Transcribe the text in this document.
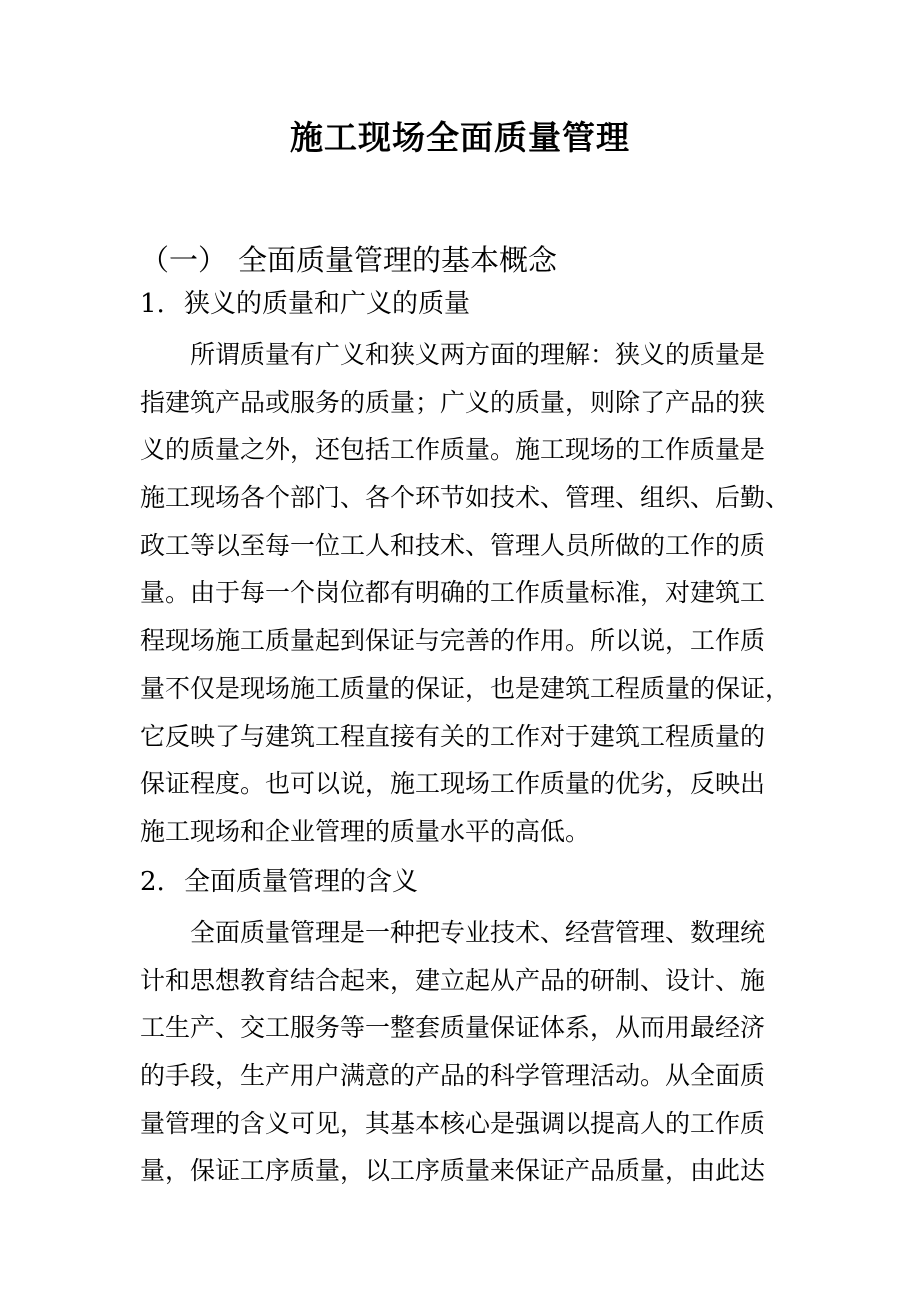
施工现场全面质量管理
（一） 全面质量管理的基本概念
1. 狭义的质量和广义的质量
所谓质量有广义和狭义两方面的理解：狭义的质量是
指建筑产品或服务的质量；广义的质量，则除了产品的狭
义的质量之外，还包括工作质量。施工现场的工作质量是
施工现场各个部门、各个环节如技术、管理、组织、后勤、
政工等以至每一位工人和技术、管理人员所做的工作的质
量。由于每一个岗位都有明确的工作质量标准，对建筑工
程现场施工质量起到保证与完善的作用。所以说，工作质
量不仅是现场施工质量的保证，也是建筑工程质量的保证，
它反映了与建筑工程直接有关的工作对于建筑工程质量的
保证程度。也可以说，施工现场工作质量的优劣，反映出
施工现场和企业管理的质量水平的高低。
2. 全面质量管理的含义
全面质量管理是一种把专业技术、经营管理、数理统
计和思想教育结合起来，建立起从产品的研制、设计、施
工生产、交工服务等一整套质量保证体系，从而用最经济
的手段，生产用户满意的产品的科学管理活动。从全面质
量管理的含义可见，其基本核心是强调以提高人的工作质
量，保证工序质量，以工序质量来保证产品质量，由此达
